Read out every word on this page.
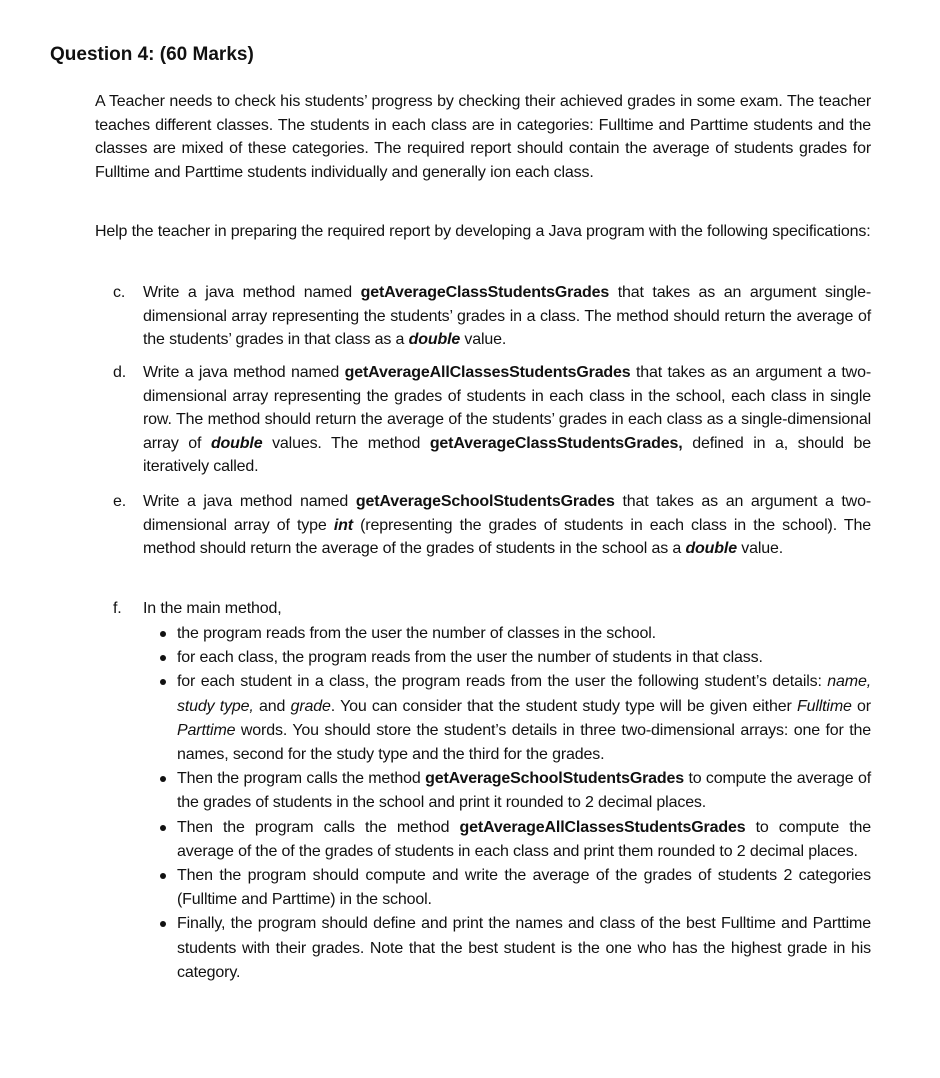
Question 4: (60 Marks)

A Teacher needs to check his students’ progress by checking their achieved grades in some exam. The teacher teaches different classes. The students in each class are in categories: Fulltime and Parttime students and the classes are mixed of these categories. The required report should contain the average of students grades for Fulltime and Parttime students individually and generally ion each class.

Help the teacher in preparing the required report by developing a Java program with the following specifications:

c. Write a java method named getAverageClassStudentsGrades that takes as an argument single-dimensional array representing the students’ grades in a class. The method should return the average of the students’ grades in that class as a double value.
d. Write a java method named getAverageAllClassesStudentsGrades that takes as an argument a two-dimensional array representing the grades of students in each class in the school, each class in single row. The method should return the average of the students’ grades in each class as a single-dimensional array of double values. The method getAverageClassStudentsGrades, defined in a, should be iteratively called.
e. Write a java method named getAverageSchoolStudentsGrades that takes as an argument a two-dimensional array of type int (representing the grades of students in each class in the school). The method should return the average of the grades of students in the school as a double value.
f. In the main method,
the program reads from the user the number of classes in the school.
for each class, the program reads from the user the number of students in that class.
for each student in a class, the program reads from the user the following student’s details: name, study type, and grade. You can consider that the student study type will be given either Fulltime or Parttime words. You should store the student’s details in three two-dimensional arrays: one for the names, second for the study type and the third for the grades.
Then the program calls the method getAverageSchoolStudentsGrades to compute the average of the grades of students in the school and print it rounded to 2 decimal places.
Then the program calls the method getAverageAllClassesStudentsGrades to compute the average of the of the grades of students in each class and print them rounded to 2 decimal places.
Then the program should compute and write the average of the grades of students 2 categories (Fulltime and Parttime) in the school.
Finally, the program should define and print the names and class of the best Fulltime and Parttime students with their grades. Note that the best student is the one who has the highest grade in his category.
